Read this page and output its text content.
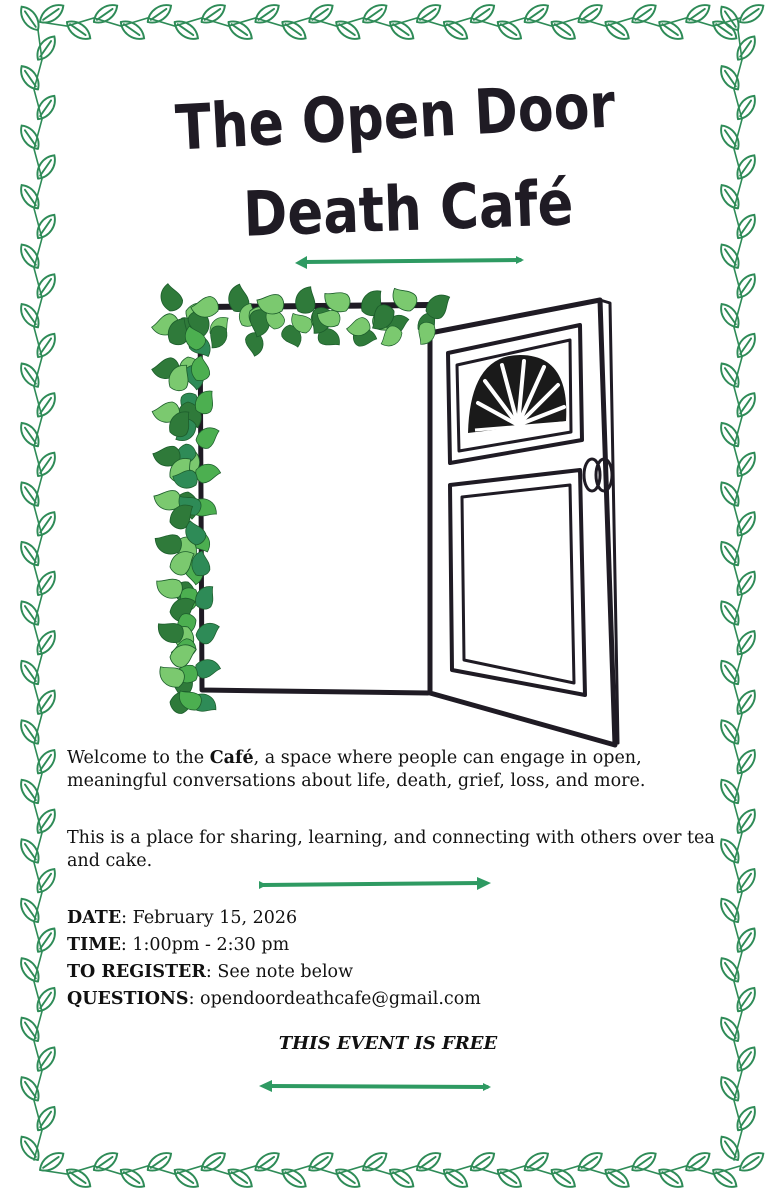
The Open Door
Death Café

Welcome to the Café, a space where people can engage in open, meaningful conversations about life, death, grief, loss, and more.

This is a place for sharing, learning, and connecting with others over tea and cake.

DATE: February 15, 2026
TIME: 1:00pm - 2:30 pm
TO REGISTER: See note below
QUESTIONS: opendoordeathcafe@gmail.com
THIS EVENT IS FREE
